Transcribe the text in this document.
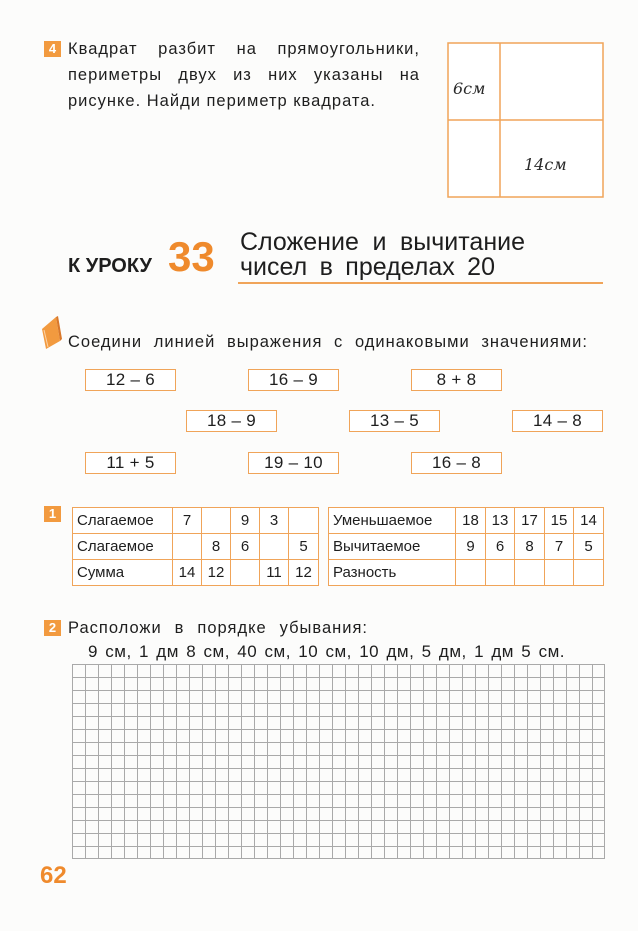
4 Квадрат разбит на прямоугольники,
периметры двух из них указаны на
рисунке. Найди периметр квадрата.
6см
14см
К УРОКУ 33 Сложение и вычитание
чисел в пределах 20
Соедини линией выражения с одинаковыми значениями:
12 – 6	16 – 9	8 + 8
18 – 9	13 – 5	14 – 8
11 + 5	19 – 10	16 – 8
1	Слагаемое	7		9	3	
Слагаемое		8	6		5
Сумма	14	12		11	12
Уменьшаемое	18	13	17	15	14
Вычитаемое	9	6	8	7	5
Разность					
2 Расположи в порядке убывания:
9 см, 1 дм 8 см, 40 см, 10 см, 10 дм, 5 дм, 1 дм 5 см.
62
